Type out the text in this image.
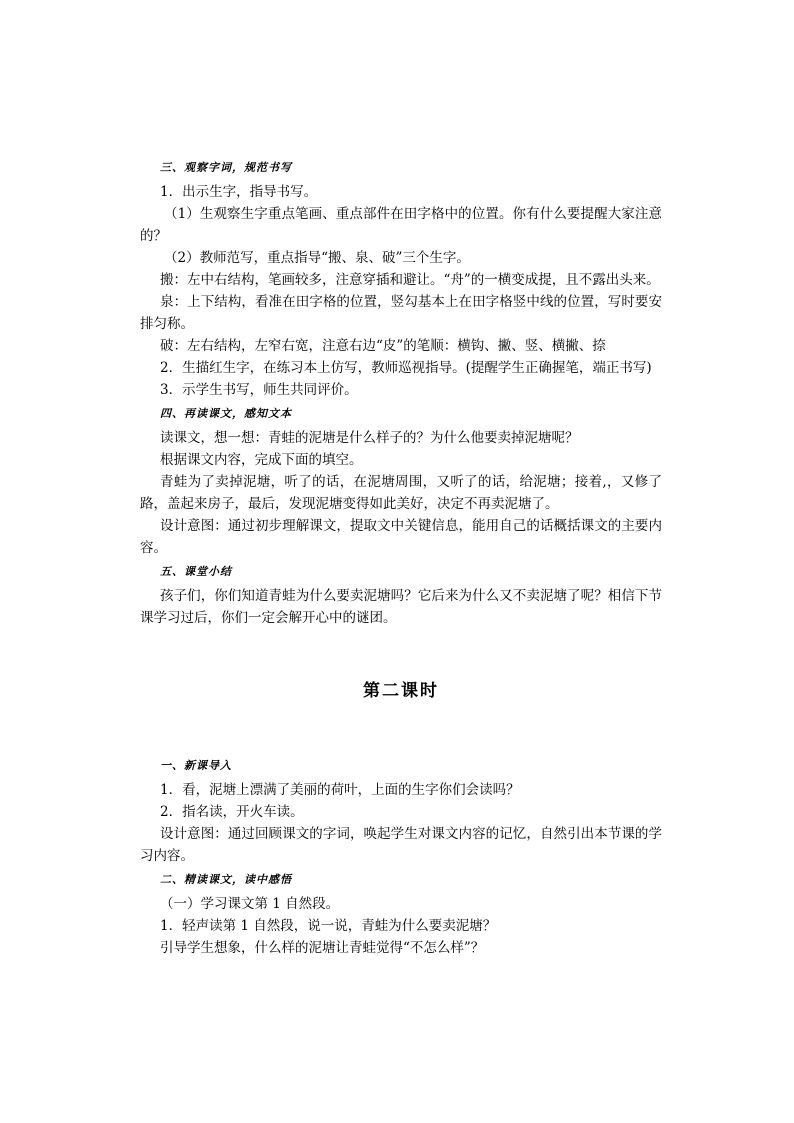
三、观察字词，规范书写

1．出示生字，指导书写。

（1）生观察生字重点笔画、重点部件在田字格中的位置。你有什么要提醒大家注意的？

（2）教师范写，重点指导“搬、泉、破”三个生字。

搬：左中右结构，笔画较多，注意穿插和避让。“舟”的一横变成提，且不露出头来。

泉：上下结构，看准在田字格的位置，竖勾基本上在田字格竖中线的位置，写时要安排匀称。

破：左右结构，左窄右宽，注意右边“皮”的笔顺：横钩、撇、竖、横撇、捺

2．生描红生字，在练习本上仿写，教师巡视指导。(提醒学生正确握笔，端正书写)

3．示学生书写，师生共同评价。

四、再读课文，感知文本

读课文，想一想：青蛙的泥塘是什么样子的？为什么他要卖掉泥塘呢？

根据课文内容，完成下面的填空。

青蛙为了卖掉泥塘，听了的话，在泥塘周围，又听了的话，给泥塘；接着,，又修了路，盖起来房子，最后，发现泥塘变得如此美好，决定不再卖泥塘了。

设计意图：通过初步理解课文，提取文中关键信息，能用自己的话概括课文的主要内容。

五、课堂小结

孩子们，你们知道青蛙为什么要卖泥塘吗？它后来为什么又不卖泥塘了呢？相信下节课学习过后，你们一定会解开心中的谜团。

第二课时
一、新课导入

1．看，泥塘上漂满了美丽的荷叶，上面的生字你们会读吗？

2．指名读，开火车读。

设计意图：通过回顾课文的字词，唤起学生对课文内容的记忆，自然引出本节课的学习内容。

二、精读课文，读中感悟

（一）学习课文第 1 自然段。

1．轻声读第 1 自然段，说一说，青蛙为什么要卖泥塘？

引导学生想象，什么样的泥塘让青蛙觉得“不怎么样”？
